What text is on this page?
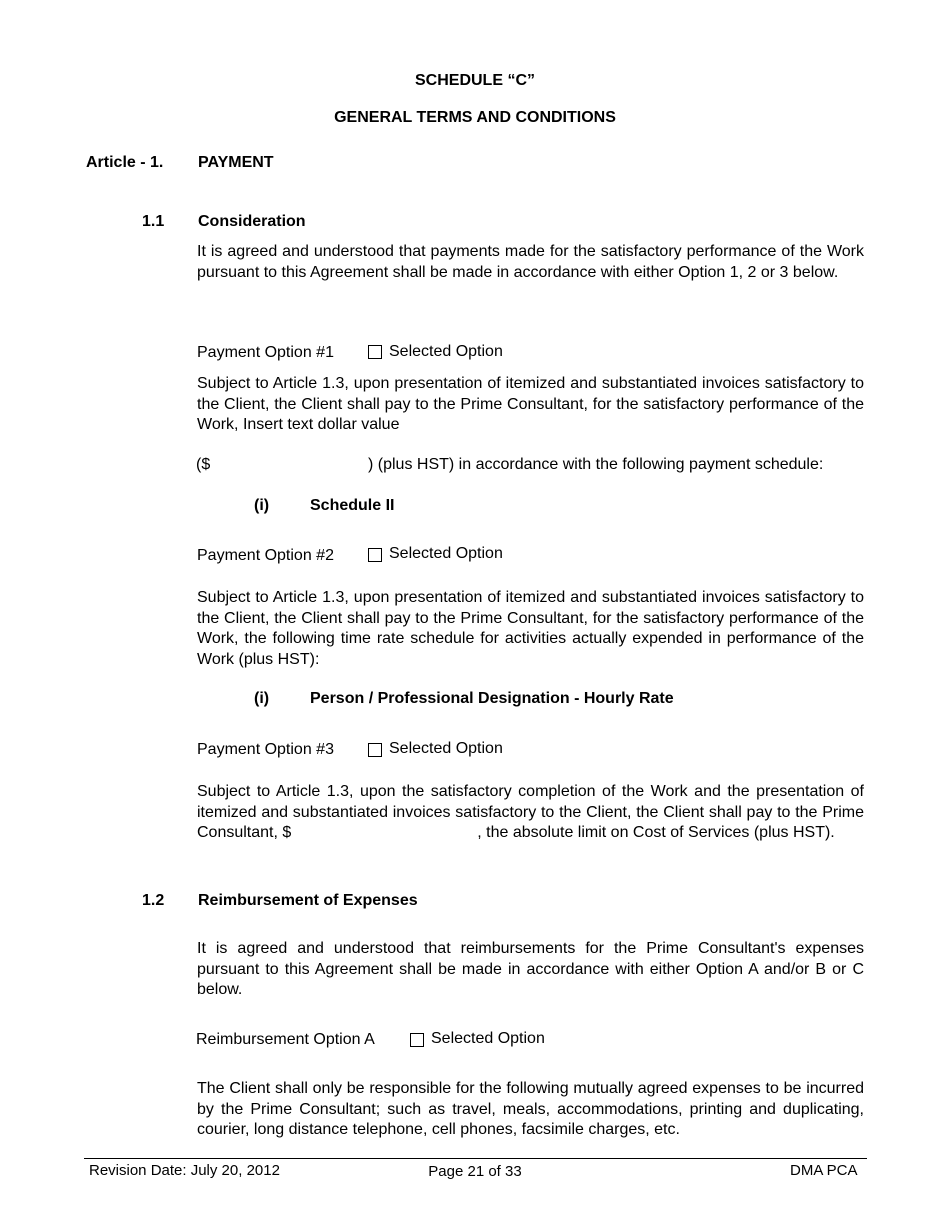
SCHEDULE “C”
GENERAL TERMS AND CONDITIONS
Article - 1. PAYMENT
1.1 Consideration
It is agreed and understood that payments made for the satisfactory performance of the Work pursuant to this Agreement shall be made in accordance with either Option 1, 2 or 3 below.
Payment Option #1	Selected Option
Subject to Article 1.3, upon presentation of itemized and substantiated invoices satisfactory to the Client, the Client shall pay to the Prime Consultant, for the satisfactory performance of the Work, Insert text dollar value
($	) (plus HST) in accordance with the following payment schedule:
(i)	Schedule II
Payment Option #2	Selected Option
Subject to Article 1.3, upon presentation of itemized and substantiated invoices satisfactory to the Client, the Client shall pay to the Prime Consultant, for the satisfactory performance of the Work, the following time rate schedule for activities actually expended in performance of the Work (plus HST):
(i)	Person / Professional Designation - Hourly Rate
Payment Option #3	Selected Option
Subject to Article 1.3, upon the satisfactory completion of the Work and the presentation of itemized and substantiated invoices satisfactory to the Client, the Client shall pay to the Prime Consultant, $	, the absolute limit on Cost of Services (plus HST).
1.2 Reimbursement of Expenses
It is agreed and understood that reimbursements for the Prime Consultant's expenses pursuant to this Agreement shall be made in accordance with either Option A and/or B or C below.
Reimbursement Option A	Selected Option
The Client shall only be responsible for the following mutually agreed expenses to be incurred by the Prime Consultant; such as travel, meals, accommodations, printing and duplicating, courier, long distance telephone, cell phones, facsimile charges, etc.
Revision Date: July 20, 2012	Page 21 of 33	DMA PCA
